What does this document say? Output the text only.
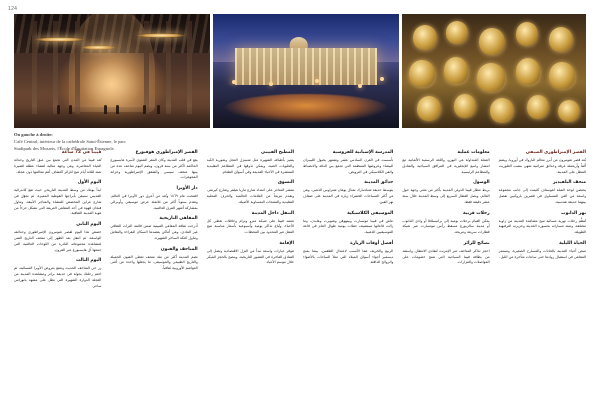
124
On gauche à droite:
Café Central, intérieur de la cathédrale Saint-Étienne, le parc
Stadtpark des Mozarts, l'École d'Équitation Espagnole.
فيينا في 72 ساعة
تُعد فيينا من المدن التي تجمع بين عبق التاريخ وحداثة الحياة المعاصرة، وهي وجهة مثالية لقضاء عطلة قصيرة تمتد لثلاثة أيام تتيح للزائر اكتشاف أهم معالمها دون عجلة.
اليوم الأول
ابدأ يومك من وسط المدينة التاريخي حيث تقع كاتدرائية القديس ستيفن بأبراجها القوطية المميزة، ثم تجوّل في شارع غراين المخصص للمشاة والمتاجر الأنيقة، وتناول فنجان قهوة في أحد المقاهي العريقة التي تشكل جزءاً من هوية المدينة الثقافية.
اليوم الثاني
خصص هذا اليوم لقصر شونبرون الإمبراطوري وحدائقه الواسعة، ثم انتقل بعد الظهر إلى متحف التاريخ الفني لمشاهدة مجموعاته النادرة من اللوحات العالمية التي جمعها آل هابسبورغ عبر القرون.
اليوم الثالث
زر حي المتاحف الحديث وتمتع بعروض الأوبرا المسائية، ثم اختم رحلتك بجولة في حديقة براتر ومشاهدة المدينة من العجلة الدوارة الشهيرة التي تطل على مشهد بانورامي ساحر.
القصر الإمبراطوري هوفبورغ
يقع في قلب المدينة وكان المقر الشتوي لأسرة هابسبورغ الحاكمة لأكثر من ستة قرون، ويضم اليوم متاحف عدة من بينها متحف سيسي والشقق الإمبراطورية وخزانة المجوهرات.
دار الأوبرا
افتتحت عام ١٨٦٩ وتُعد من أعرق دور الأوبرا في العالم، وتقدم سنوياً أكثر من ثلاثمئة عرض موسيقي وأوبرالي بمشاركة أشهر الفرق العالمية.
المقاهي التاريخية
أدرجت ثقافة المقاهي الفيينية ضمن قائمة التراث الثقافي غير المادي، وهي أماكن يقصدها السكان للقراءة والنقاش وتناول كعكة الساخر الشهيرة.
المتاحف والفنون
تضم المدينة أكثر من مئة متحف تغطي الفنون الجميلة والتاريخ الطبيعي والموسيقى، ما يجعلها واحدة من أغنى العواصم الأوروبية ثقافياً.
المطبخ الفييني
يتميز بأطباقه الشهيرة مثل شنيتزل العجل وشوربة الكبد والحلويات الغنية، ويمكن تذوقها في المطاعم التقليدية المنتشرة في الأحياء القديمة وفي أسواق الطعام.
التسوق
تنتشر المتاجر على امتداد شارع ماريا هيلفر وشارع كيرنتنر، وتقدم مزيجاً من العلامات العالمية والحرف المحلية التقليدية والمنتجات النمساوية الأصيلة.
التنقل داخل المدينة
تعتمد فيينا على شبكة مترو وترام وحافلات تغطي كل الأحياء، وتُباع تذاكر يومية وأسبوعية بأسعار مناسبة تتيح التنقل غير المحدود بين المحطات.
الإقامة
تتوفر خيارات واسعة تبدأ من النزل الاقتصادية وتصل إلى الفنادق الفاخرة في القصور التاريخية، وينصح بالحجز المبكر خلال موسم الأعياد.
المدرسة الإسبانية للفروسية
تأسست في القرن السادس عشر وتشتهر بخيول الليبيزان البيضاء وعروضها المنتظمة التي تجمع بين الدقة والانضباط والفن الكلاسيكي في الترويض.
حدائق المدينة
يتوسط حديقة شتادتبارك تمثال يوهان شتراوس الذهبي، وهي من أكثر المساحات الخضراء زيارة في المدينة على ضفاف نهر الفين.
الموسيقى الكلاسيكية
عاش في فيينا موتسارت وبيتهوفن وشوبرت وهايدن، وما زالت قاعاتها تستضيف حفلات يومية طوال العام في قاعة الموسيقيين الذهبية.
أفضل أوقات الزيارة
الربيع والخريف هما الأنسب لاعتدال الطقس، بينما يمنح ديسمبر أجواء أسواق الميلاد التي تملأ الساحات بالأضواء والروائح الدافئة.
معلومات عملية
العملة المتداولة هي اليورو، واللغة الرسمية الألمانية مع انتشار واسع للإنجليزية في المرافق السياحية والفنادق والمطاعم الرئيسية.
الوصول
يربط مطار فيينا الدولي المدينة بأكثر من مئتي وجهة حول العالم، ويصل القطار السريع إلى وسط المدينة خلال ستة عشر دقيقة فقط.
رحلات قريبة
يمكن القيام برحلات يومية إلى براتيسلافا أو وادي الدانوب أو مدينة سالزبورغ مسقط رأس موتسارت عبر شبكة قطارات سريعة ومريحة.
نصائح للزائر
احجز تذاكر المتاحف عبر الإنترنت لتفادي الانتظار، واستفد من بطاقة فيينا السياحية التي تمنح خصومات على المواصلات والمزارات.
القصر الإمبراطوري الصيفي
يُعد قصر شونبرون من أبرز معالم الباروك في أوروبا، ويضم ألفاً وأربعمئة غرفة وحدائق مترامية تنتهي بنصب الغلوريت المطل على المدينة.
متحف البلفيدير
يحتضن لوحة القبلة لغوستاف كليمت إلى جانب مجموعة واسعة من الفن النمساوي في قصرين باروكيين تفصل بينهما حديقة هندسية.
نهر الدانوب
تُنظَّم رحلات نهرية مسائية تتيح مشاهدة المدينة من زاوية مختلفة، وتمتد مساراته بجسوره الحديثة وجزيرته الترفيهية الطويلة.
الحياة الليلية
تنبض أحياء المدينة بالحانات والمسارح الصغيرة، وتستمر المقاهي في استقبال روادها حتى ساعات متأخرة من الليل.
